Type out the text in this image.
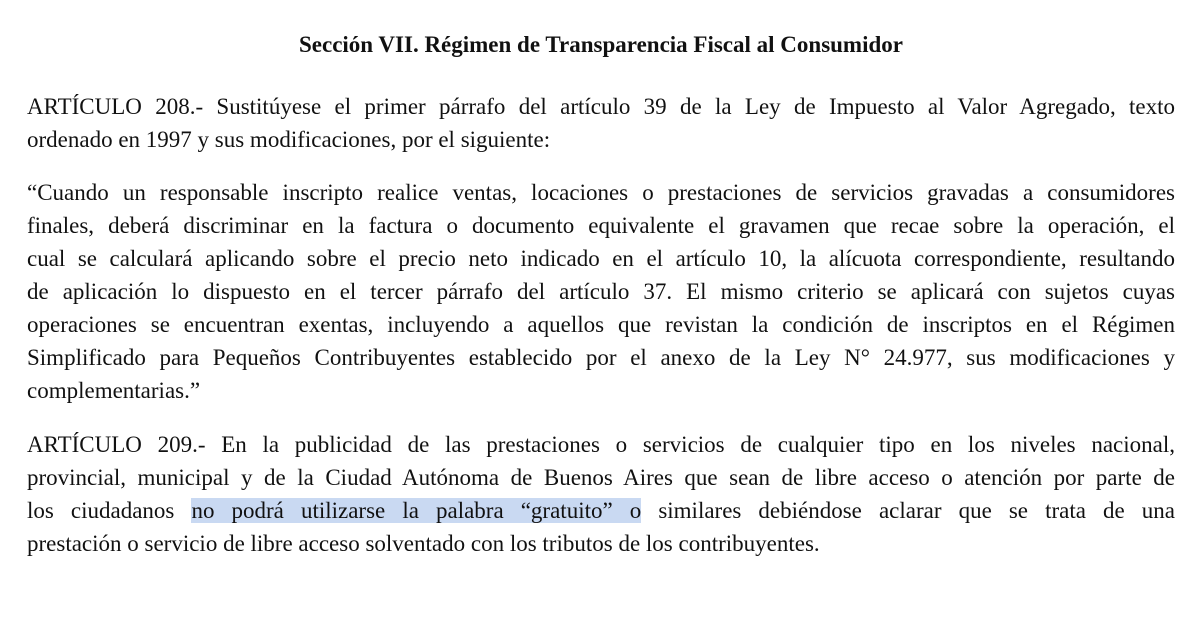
Sección VII. Régimen de Transparencia Fiscal al Consumidor
ARTÍCULO 208.- Sustitúyese el primer párrafo del artículo 39 de la Ley de Impuesto al Valor Agregado, texto
ordenado en 1997 y sus modificaciones, por el siguiente:
“Cuando un responsable inscripto realice ventas, locaciones o prestaciones de servicios gravadas a consumidores
finales, deberá discriminar en la factura o documento equivalente el gravamen que recae sobre la operación, el
cual se calculará aplicando sobre el precio neto indicado en el artículo 10, la alícuota correspondiente, resultando
de aplicación lo dispuesto en el tercer párrafo del artículo 37. El mismo criterio se aplicará con sujetos cuyas
operaciones se encuentran exentas, incluyendo a aquellos que revistan la condición de inscriptos en el Régimen
Simplificado para Pequeños Contribuyentes establecido por el anexo de la Ley N° 24.977, sus modificaciones y
complementarias.”
ARTÍCULO 209.- En la publicidad de las prestaciones o servicios de cualquier tipo en los niveles nacional,
provincial, municipal y de la Ciudad Autónoma de Buenos Aires que sean de libre acceso o atención por parte de
los ciudadanos no podrá utilizarse la palabra “gratuito” o similares debiéndose aclarar que se trata de una
prestación o servicio de libre acceso solventado con los tributos de los contribuyentes.
